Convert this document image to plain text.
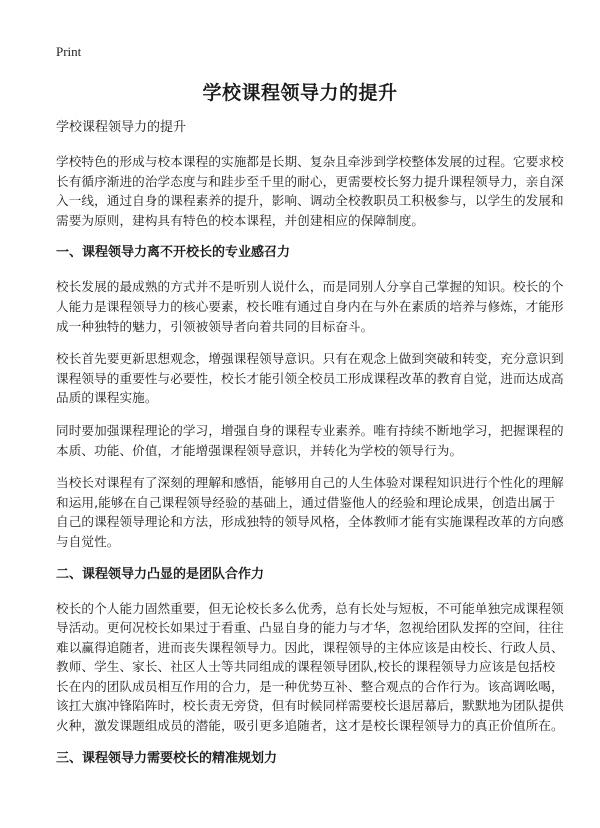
Print
学校课程领导力的提升
学校课程领导力的提升

学校特色的形成与校本课程的实施都是长期、复杂且牵涉到学校整体发展的过程。它要求校长有循序渐进的治学态度与和跬步至千里的耐心，更需要校长努力提升课程领导力，亲自深入一线，通过自身的课程素养的提升，影响、调动全校教职员工积极参与，以学生的发展和需要为原则，建构具有特色的校本课程，并创建相应的保障制度。

一、课程领导力离不开校长的专业感召力

校长发展的最成熟的方式并不是听别人说什么，而是同别人分享自己掌握的知识。校长的个人能力是课程领导力的核心要素，校长唯有通过自身内在与外在素质的培养与修炼，才能形成一种独特的魅力，引领被领导者向着共同的目标奋斗。

校长首先要更新思想观念，增强课程领导意识。只有在观念上做到突破和转变，充分意识到课程领导的重要性与必要性，校长才能引领全校员工形成课程改革的教育自觉，进而达成高品质的课程实施。

同时要加强课程理论的学习，增强自身的课程专业素养。唯有持续不断地学习，把握课程的本质、功能、价值，才能增强课程领导意识，并转化为学校的领导行为。

当校长对课程有了深刻的理解和感悟，能够用自己的人生体验对课程知识进行个性化的理解和运用,能够在自己课程领导经验的基础上，通过借鉴他人的经验和理论成果，创造出属于自己的课程领导理论和方法，形成独特的领导风格，全体教师才能有实施课程改革的方向感与自觉性。

二、课程领导力凸显的是团队合作力

校长的个人能力固然重要，但无论校长多么优秀，总有长处与短板，不可能单独完成课程领导活动。更何况校长如果过于看重、凸显自身的能力与才华，忽视给团队发挥的空间，往往难以赢得追随者，进而丧失课程领导力。因此，课程领导的主体应该是由校长、行政人员、教师、学生、家长、社区人士等共同组成的课程领导团队,校长的课程领导力应该是包括校长在内的团队成员相互作用的合力，是一种优势互补、整合观点的合作行为。该高调吆喝，该扛大旗冲锋陷阵时，校长责无旁贷，但有时候同样需要校长退居幕后，默默地为团队提供火种，激发课题组成员的潜能，吸引更多追随者，这才是校长课程领导力的真正价值所在。

三、课程领导力需要校长的精准规划力
